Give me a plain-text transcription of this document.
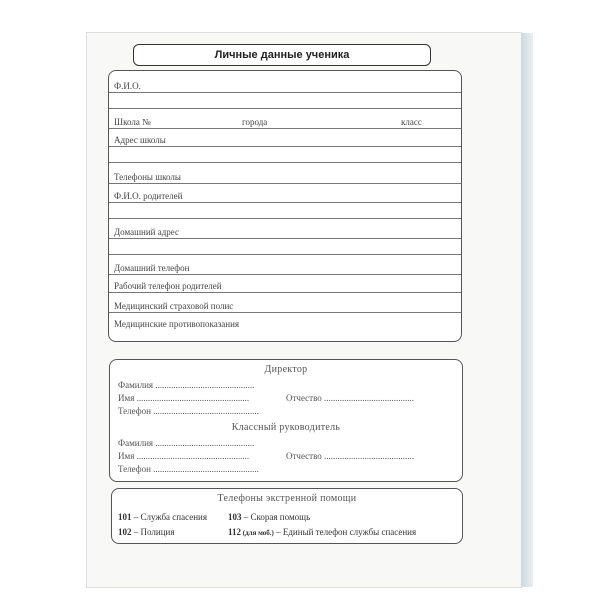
Личные данные ученика
Ф.И.О.
Школа №	города	класс
Адрес школы
Телефоны школы
Ф.И.О. родителей
Домашний адрес
Домашний телефон
Рабочий телефон родителей
Медицинский страховой полис
Медицинские противопоказания
Директор
Фамилия ............................................
Имя ..................................................	Отчество ........................................
Телефон ...............................................
Классный руководитель
Фамилия ............................................
Имя ..................................................	Отчество ........................................
Телефон ...............................................
Телефоны экстренной помощи
101 – Служба спасения 103 – Скорая помощь
102 – Полиция	112 (для моб.) – Единый телефон службы спасения
